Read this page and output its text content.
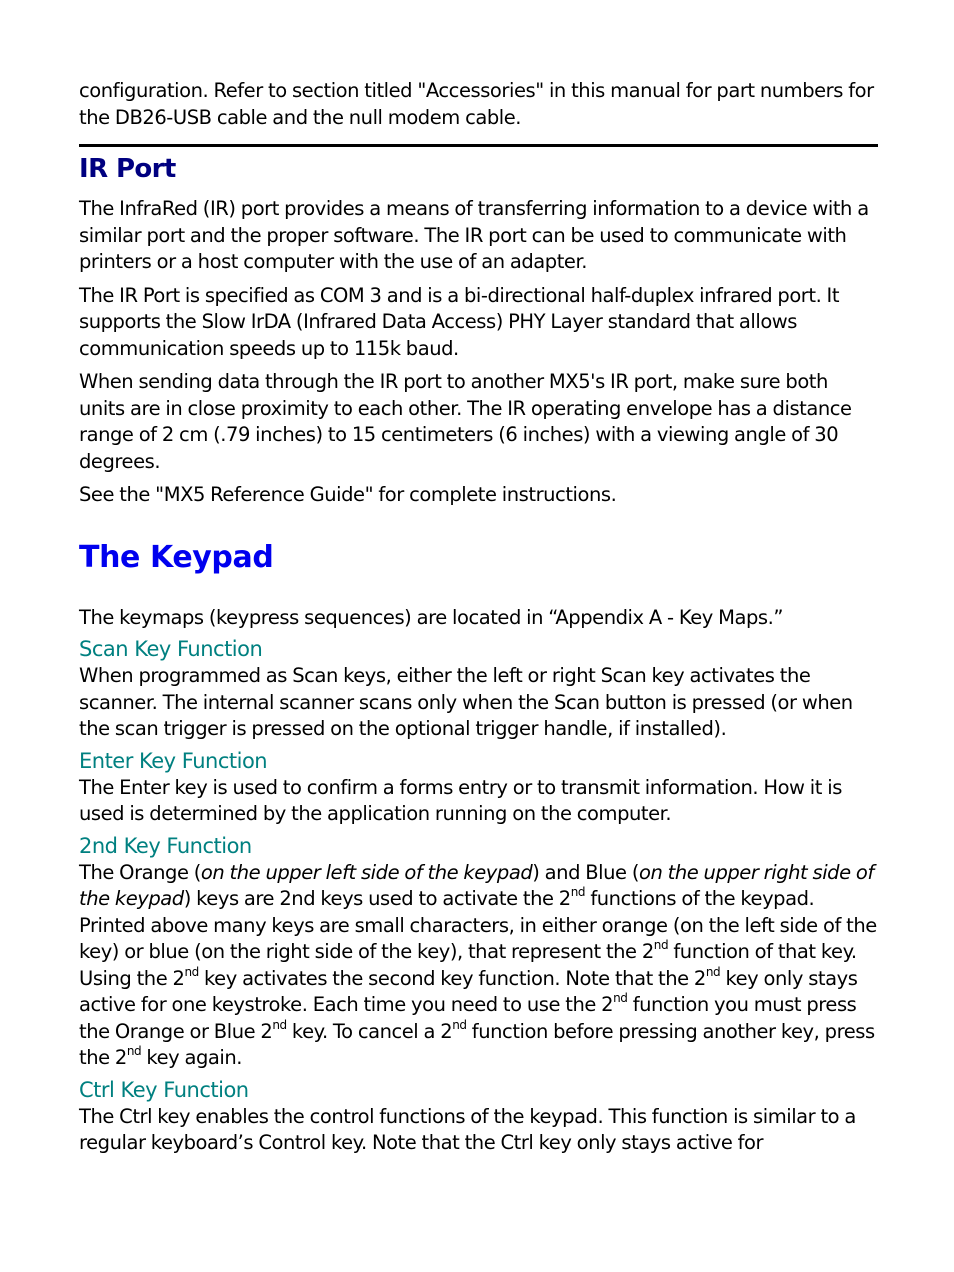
configuration. Refer to section titled "Accessories" in this manual for part numbers for the DB26-USB cable and the null modem cable.

IR Port

The InfraRed (IR) port provides a means of transferring information to a device with a similar port and the proper software. The IR port can be used to communicate with printers or a host computer with the use of an adapter.

The IR Port is specified as COM 3 and is a bi-directional half-duplex infrared port. It supports the Slow IrDA (Infrared Data Access) PHY Layer standard that allows communication speeds up to 115k baud.

When sending data through the IR port to another MX5's IR port, make sure both units are in close proximity to each other. The IR operating envelope has a distance range of 2 cm (.79 inches) to 15 centimeters (6 inches) with a viewing angle of 30 degrees.

See the "MX5 Reference Guide" for complete instructions.

The Keypad

The keymaps (keypress sequences) are located in “Appendix A - Key Maps.”

Scan Key Function

When programmed as Scan keys, either the left or right Scan key activates the scanner. The internal scanner scans only when the Scan button is pressed (or when the scan trigger is pressed on the optional trigger handle, if installed).

Enter Key Function

The Enter key is used to confirm a forms entry or to transmit information. How it is used is determined by the application running on the computer.

2nd Key Function

The Orange (on the upper left side of the keypad) and Blue (on the upper right side of the keypad) keys are 2nd keys used to activate the 2nd functions of the keypad. Printed above many keys are small characters, in either orange (on the left side of the key) or blue (on the right side of the key), that represent the 2nd function of that key. Using the 2nd key activates the second key function. Note that the 2nd key only stays active for one keystroke. Each time you need to use the 2nd function you must press the Orange or Blue 2nd key. To cancel a 2nd function before pressing another key, press the 2nd key again.

Ctrl Key Function

The Ctrl key enables the control functions of the keypad. This function is similar to a regular keyboard’s Control key. Note that the Ctrl key only stays active for
